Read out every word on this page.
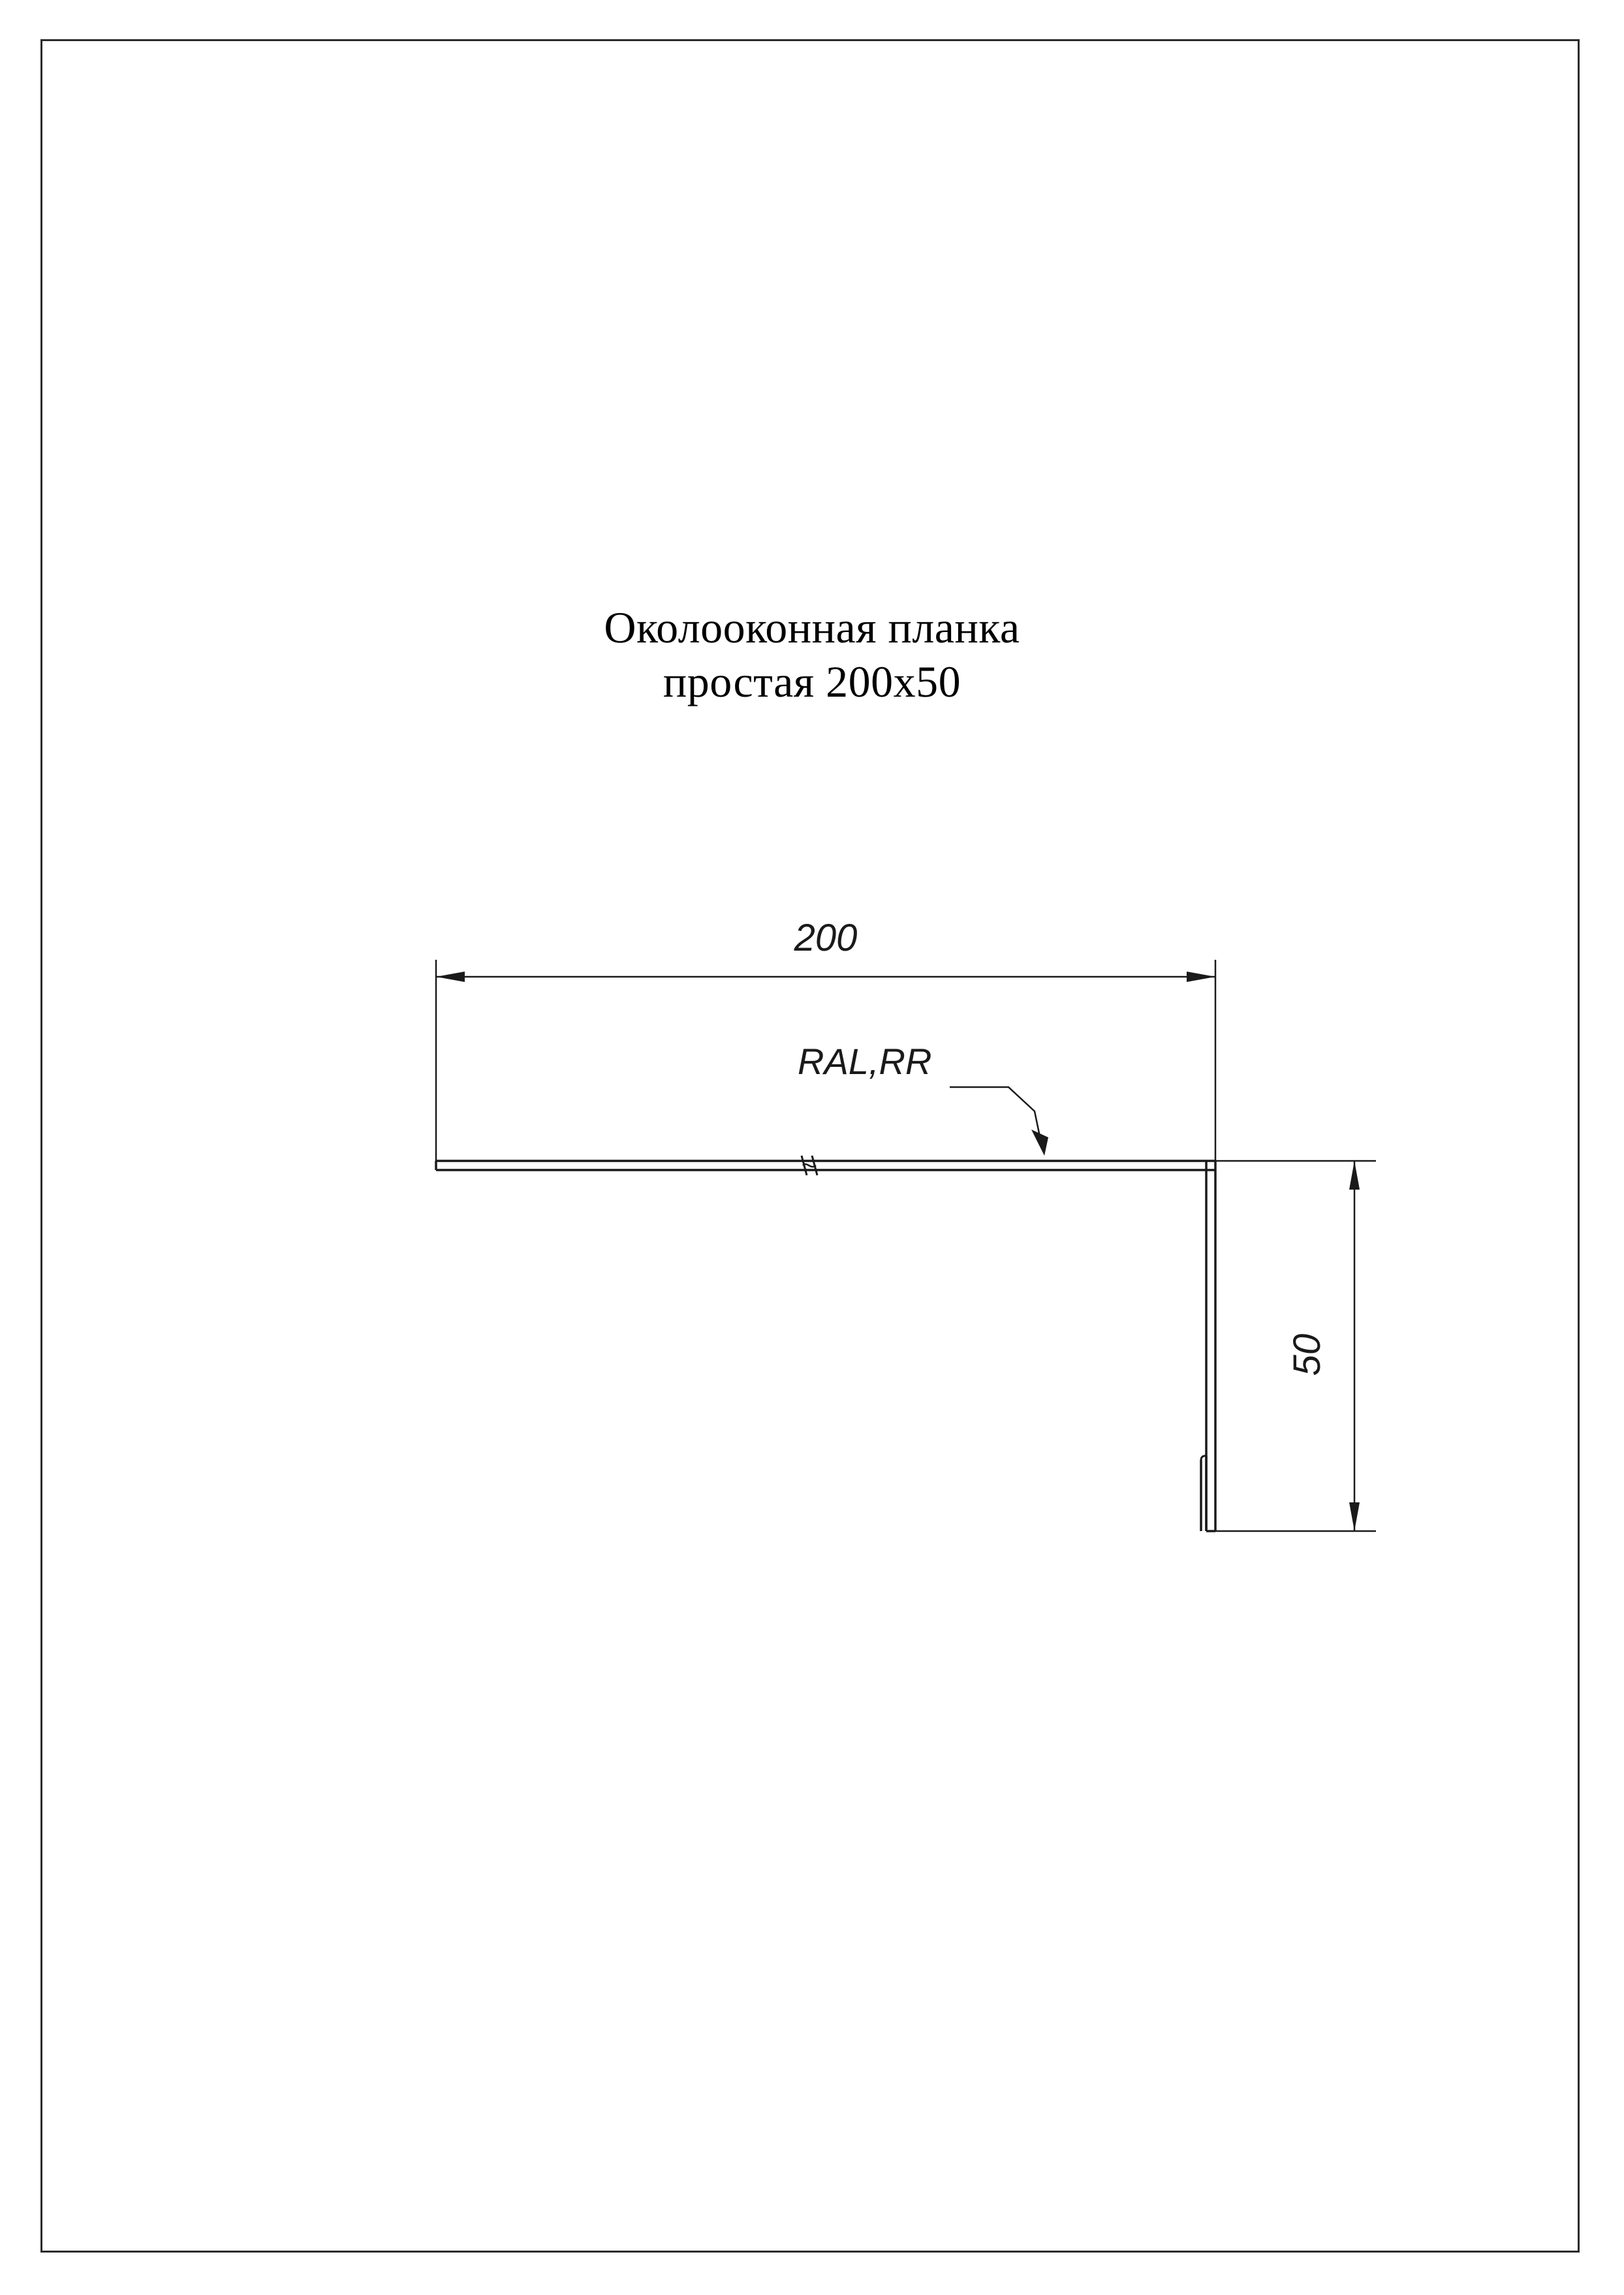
Околооконная планка
простая 200x50
200
RAL,RR
50
